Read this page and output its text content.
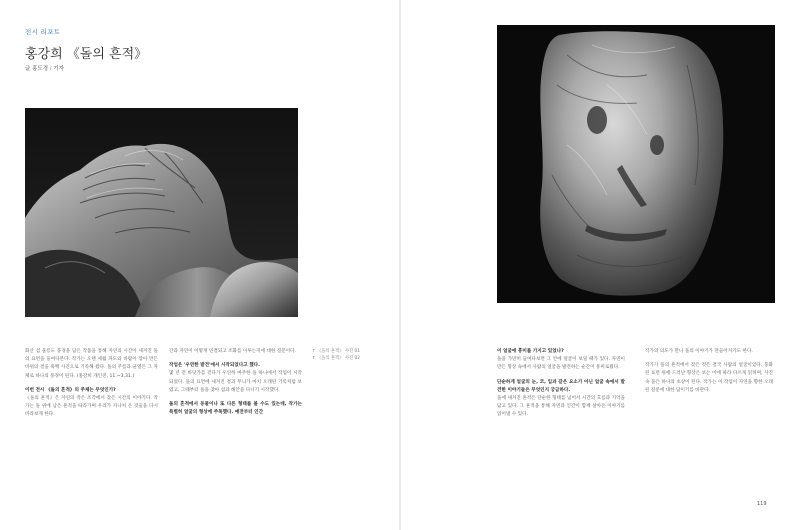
전시 리포트
홍강희 《돌의 흔적》
글 홍도경 / 기자

화산 섬 울릉도 풍경을 담은 작품을 통해 자연의 시간이 새겨진 돌의 표면을 들여다본다. 작가는 오랜 세월 파도와 바람이 깎아 만든 바위의 결을 흑백 사진으로 기록해 왔다. 돌의 주름과 균열은 그 자체로 하나의 풍경이 된다. (홍강희 개인전, 11.~3.31.)

이번 전시 《돌의 흔적》의 주제는 무엇인가?

《돌의 흔적》은 자연의 작은 조각에서 찾은 시간의 이야기다. 작가는 돌 위에 남은 흔적을 따라가며 우리가 지나쳐 온 것들을 다시 바라보게 한다.

간과 자연이 어떻게 연결되고 조화를 이루는지에 대한 질문이다.

작업은 '우연한 발견'에서 시작되었다고 했다.

몇 년 전 바닷가를 걷다가 우연히 마주한 돌 하나에서 작업이 시작되었다. 돌의 표면에 새겨진 결과 무늬가 마치 오래된 기록처럼 보였고, 그때부터 돌을 찾아 섬과 해안을 다니기 시작했다.

돌의 흔적에서 동물이나 또 다른 형태를 볼 수도 있는데, 작가는 특별히 얼굴의 형상에 주목했다. 예전부터 인간

↑ 《돌의 흔적》 사진 01
↑ 《돌의 흔적》 사진 02

이 얼굴에 흥미를 가지고 있었나?

돌을 가만히 들여다보면 그 안에 얼굴이 보일 때가 있다. 자연이 만든 형상 속에서 사람의 얼굴을 발견하는 순간이 흥미로웠다.

단순하게 얼굴의 눈, 코, 입과 같은 요소가 아닌 얼굴 속에서 발견한 이야기들은 무엇인지 궁금하다.

돌에 새겨진 흔적은 단순한 형태를 넘어서 시간의 흐름과 기억을 담고 있다. 그 흔적을 통해 자연과 인간이 함께 살아온 이야기를 읽어낼 수 있다.

작가의 의도가 만나 돌의 이야기가 만들어지기도 한다.

작가가 돌의 흔적에서 찾은 것은 결국 사람의 얼굴이었다. 풍화된 표면 위에 드러난 형상은 보는 이에 따라 다르게 읽히며, 사진 속 돌은 하나의 초상이 된다. 작가는 이 작업이 자연을 향한 오래된 질문에 대한 답이기를 바란다.

119
